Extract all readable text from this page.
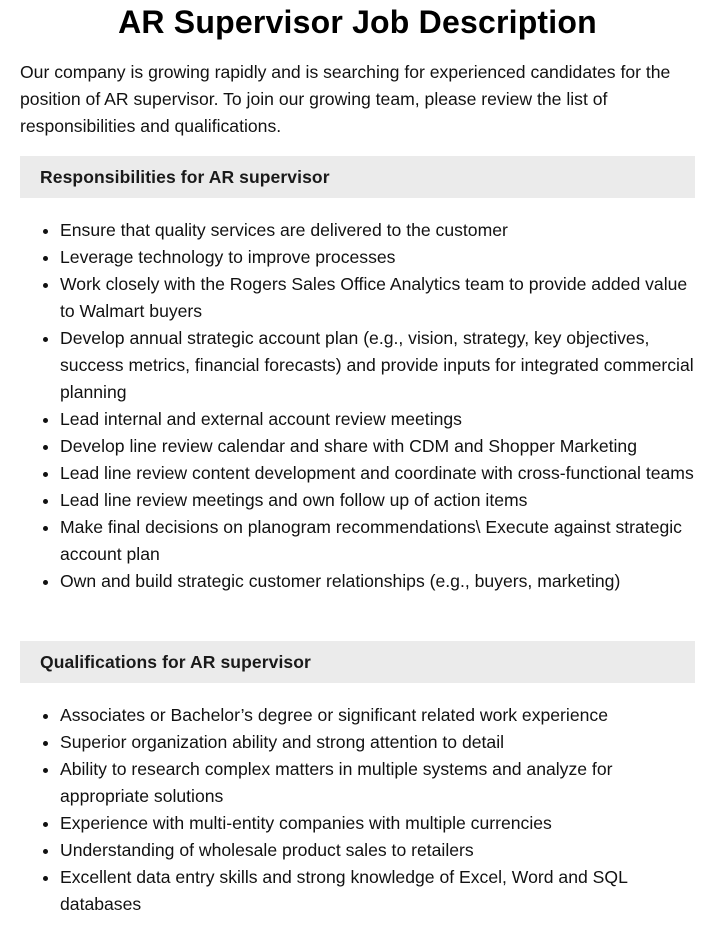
AR Supervisor Job Description

Our company is growing rapidly and is searching for experienced candidates for the position of AR supervisor. To join our growing team, please review the list of responsibilities and qualifications.

Responsibilities for AR supervisor
Ensure that quality services are delivered to the customer
Leverage technology to improve processes
Work closely with the Rogers Sales Office Analytics team to provide added value to Walmart buyers
Develop annual strategic account plan (e.g., vision, strategy, key objectives, success metrics, financial forecasts) and provide inputs for integrated commercial planning
Lead internal and external account review meetings
Develop line review calendar and share with CDM and Shopper Marketing
Lead line review content development and coordinate with cross-functional teams
Lead line review meetings and own follow up of action items
Make final decisions on planogram recommendations\ Execute against strategic account plan
Own and build strategic customer relationships (e.g., buyers, marketing)
Qualifications for AR supervisor
Associates or Bachelor’s degree or significant related work experience
Superior organization ability and strong attention to detail
Ability to research complex matters in multiple systems and analyze for appropriate solutions
Experience with multi-entity companies with multiple currencies
Understanding of wholesale product sales to retailers
Excellent data entry skills and strong knowledge of Excel, Word and SQL databases
